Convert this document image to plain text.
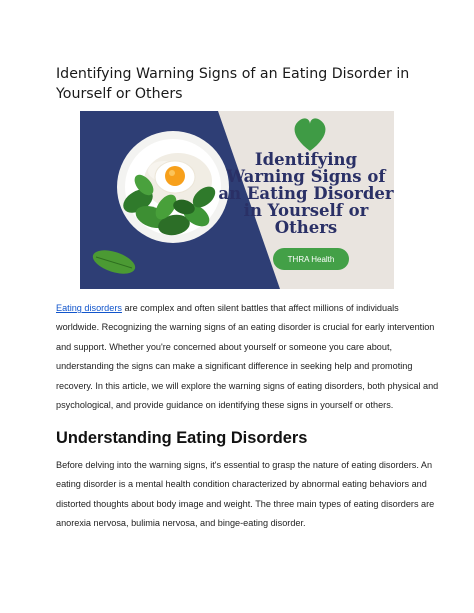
Identifying Warning Signs of an Eating Disorder in Yourself or Others

Identifying
Warning Signs of
an Eating Disorder
in Yourself or
Others

THRA Health

Eating disorders are complex and often silent battles that affect millions of individuals
worldwide. Recognizing the warning signs of an eating disorder is crucial for early intervention
and support. Whether you're concerned about yourself or someone you care about,
understanding the signs can make a significant difference in seeking help and promoting
recovery. In this article, we will explore the warning signs of eating disorders, both physical and
psychological, and provide guidance on identifying these signs in yourself or others.

Understanding Eating Disorders

Before delving into the warning signs, it's essential to grasp the nature of eating disorders. An
eating disorder is a mental health condition characterized by abnormal eating behaviors and
distorted thoughts about body image and weight. The three main types of eating disorders are
anorexia nervosa, bulimia nervosa, and binge-eating disorder.
